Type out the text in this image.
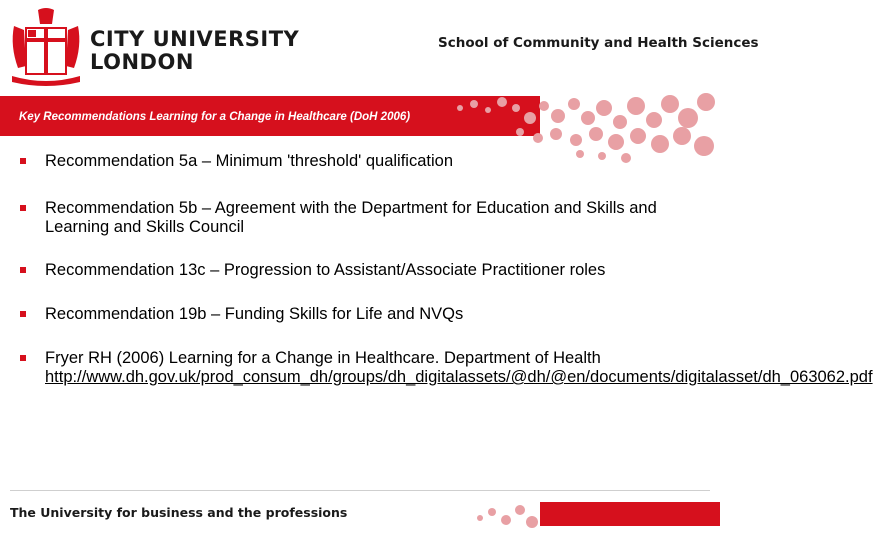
CITY UNIVERSITY
LONDON
School of Community and Health Sciences
Key Recommendations Learning for a Change in Healthcare (DoH 2006)

Recommendation 5a – Minimum 'threshold' qualification

Recommendation 5b – Agreement with the Department for Education and Skills and Learning and Skills Council

Recommendation 13c – Progression to Assistant/Associate Practitioner roles

Recommendation 19b – Funding Skills for Life and NVQs

Fryer RH (2006) Learning for a Change in Healthcare. Department of Health

http://www.dh.gov.uk/prod_consum_dh/groups/dh_digitalassets/@dh/@en/documents/digitalasset/dh_063062.pdf
The University for business and the professions
